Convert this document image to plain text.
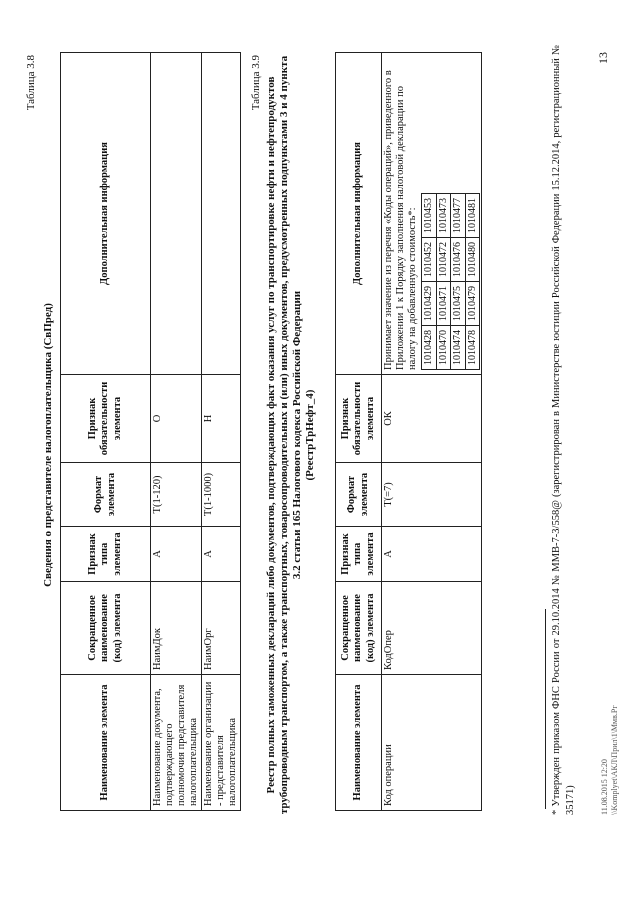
13
Таблица 3.8
Сведения о представителе налогоплательщика (СвПред)
Наименование элемента	Сокращенное наименование (код) элемента	Признак типа элемента	Формат элемента	Признак обязательности элемента	Дополнительная информация
Наименование документа, подтверждающего полномочия представителя налогоплательщика	НаимДок	А	Т(1-120)	О	
Наименование организации - представителя налогоплательщика	НаимОрг	А	Т(1-1000)	Н	
Таблица 3.9 Реестр полных таможенных деклараций либо документов, подтверждающих факт оказания услуг по транспортировке нефти и нефтепродуктов трубопроводным транспортом, а также транспортных, товаросопроводительных и (или) иных документов, предусмотренных подпунктами 3 и 4 пункта 3.2 статьи 165 Налогового кодекса Российской Федерации
(РеестрТрНефт_4)
Наименование элемента	Сокращенное наименование (код) элемента	Признак типа элемента	Формат элемента	Признак обязательности элемента	Дополнительная информация
Код операции	КодОпер	А	Т(=7)	ОК	
Принимает значение из перечня «Коды операций», приведенного в Приложении 1 к Порядку заполнения налоговой декларации по налогу на добавленную стоимость*: 1010428	1010429	1010452	1010453
1010470	1010471	1010472	1010473
1010474	1010475	1010476	1010477
1010478	1010479	1010480	1010481	* Утвержден приказом ФНС России от 29.10.2014 № ММВ-7-3/558@ (зарегистрирован в Министерстве юстиции Российской Федерации 15.12.2014, регистрационный № 35171)	11.08.2015 12:20 \\Komplyet\АКЛ\Прил\1\Ммв.Рг
